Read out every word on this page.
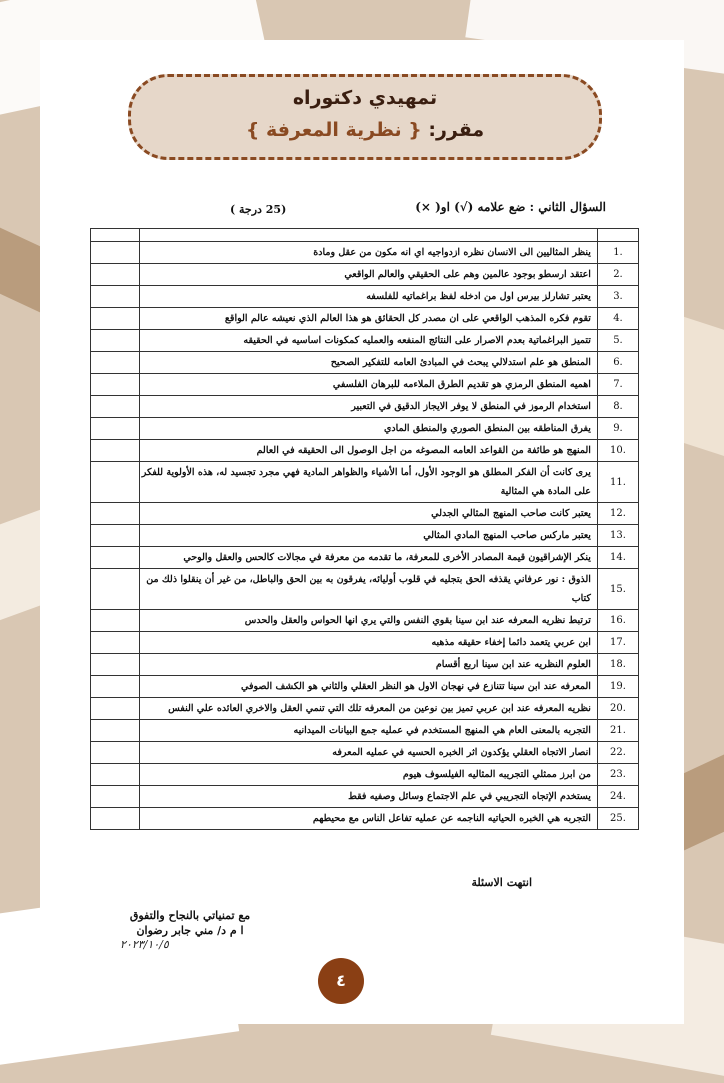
تمهيدي دكتوراه
مقرر: { نظرية المعرفة }
السؤال الثاني : ضع علامه (√) او( ×)
(25 درجة )

1.	ينظر المثاليين الى الانسان نظره ازدواجيه اي انه مكون من عقل ومادة	
2.	اعتقد ارسطو بوجود عالمين وهم على الحقيقي والعالم الواقعي	
3.	يعتبر تشارلز بيرس اول من ادخله لفظ براغماتيه للفلسفه	
4.	تقوم فكره المذهب الواقعي على ان مصدر كل الحقائق هو هذا العالم الذي نعيشه عالم الواقع	
5.	تتميز البراغماتية بعدم الاصرار على النتائج المنفعه والعمليه كمكونات اساسيه في الحقيقه	
6.	المنطق هو علم استدلالي يبحث في المبادئ العامه للتفكير الصحيح	
7.	اهميه المنطق الرمزي هو تقديم الطرق الملاءمه للبرهان الفلسفي	
8.	استخدام الرموز في المنطق لا يوفر الايجاز الدقيق في التعبير	
9.	يفرق المناطقه بين المنطق الصوري والمنطق المادي	
10.	المنهج هو طائفة من القواعد العامه المصوغه من اجل الوصول الى الحقيقه في العالم	
11.	يرى كانت أن الفكر المطلق هو الوجود الأول، أما الأشياء والظواهر المادية فهي مجرد تجسيد له، هذه الأولوية للفكر على المادة هي المثالية	
12.	يعتبر كانت صاحب المنهج المثالي الجدلي	
13.	يعتبر ماركس صاحب المنهج المادي المثالي	
14.	ينكر الإشراقيون قيمة المصادر الأخرى للمعرفة، ما تقدمه من معرفة في مجالات كالحس والعقل والوحي	
15.	الذوق : نور عرفاني يقذفه الحق بتجليه في قلوب أوليائه، يفرقون به بين الحق والباطل، من غير أن ينقلوا ذلك من كتاب	
16.	ترتبط نظريه المعرفه عند ابن سينا بقوي النفس والتي يري انها الحواس والعقل والحدس	
17.	ابن عربي يتعمد دائما إخفاء حقيقه مذهبه	
18.	العلوم النظريه عند ابن سينا اربع أقسام	
19.	المعرفه عند ابن سينا تتنازع في نهجان الاول هو النظر العقلي والثاني هو الكشف الصوفي	
20.	نظريه المعرفه عند ابن عربي تميز بين نوعين من المعرفه تلك التي تنمي العقل والاخري العائده علي النفس	
21.	التجربه بالمعنى العام هي المنهج المستخدم في عمليه جمع البيانات الميدانيه	
22.	انصار الاتجاه العقلي يؤكدون اثر الخبره الحسيه في عمليه المعرفه	
23.	من ابرز ممثلي التجريبه المثاليه الفيلسوف هيوم	
24.	يستخدم الإتجاه التجريبي في علم الاجتماع وسائل وصفيه فقط	
25.	التجربه هي الخبره الحياتيه الناجمه عن عمليه تفاعل الناس مع محيطهم	
انتهت الاسئلة
مع تمنياتي بالنجاح والتفوق
ا م د/ مني جابر رضوان
٢٠٢٣/١٠/٥
٤
